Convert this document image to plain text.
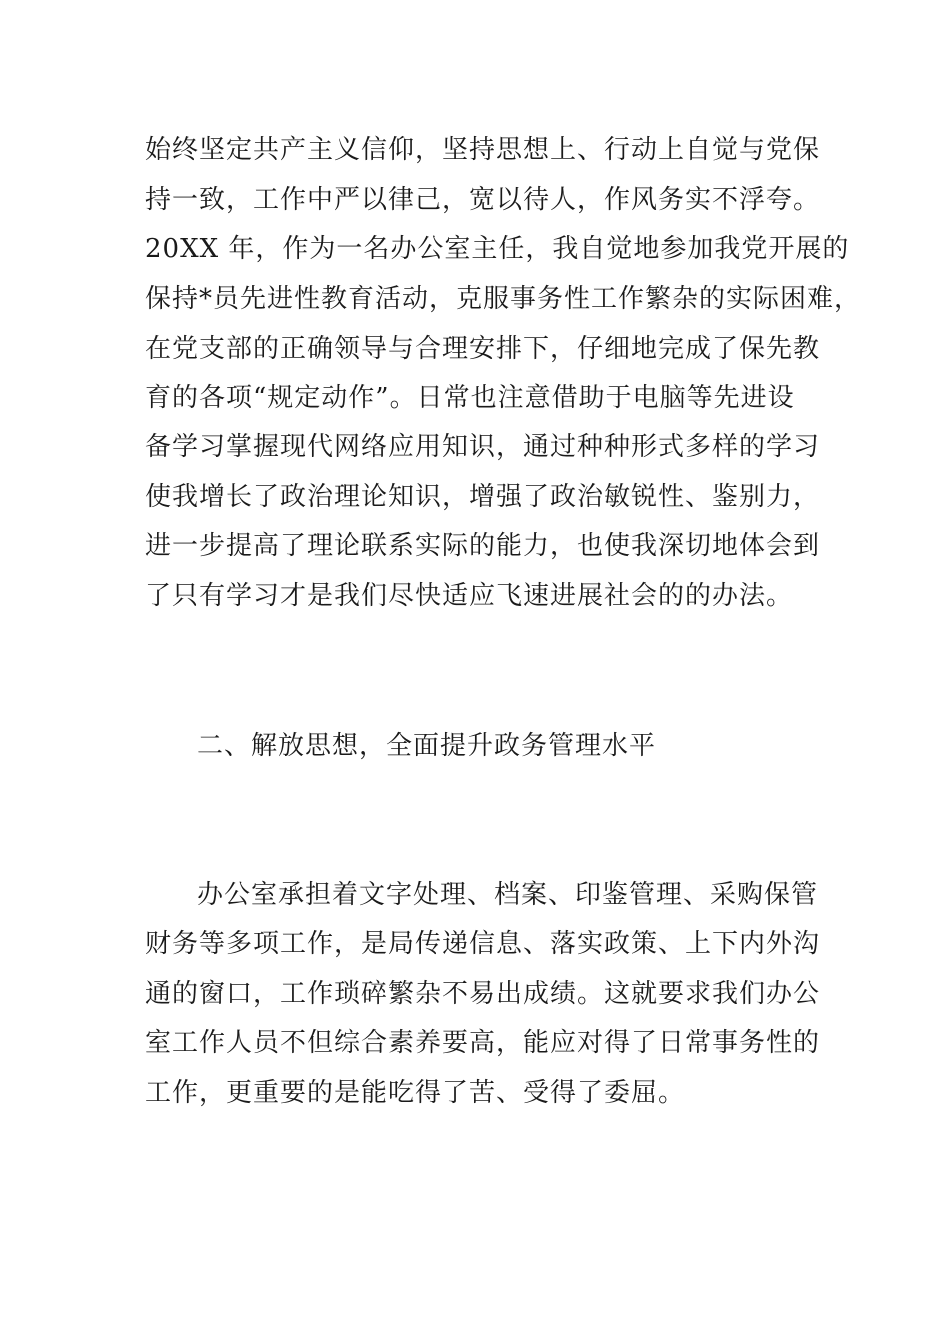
始终坚定共产主义信仰，坚持思想上、行动上自觉与党保
持一致，工作中严以律己，宽以待人，作风务实不浮夸。
20XX 年，作为一名办公室主任，我自觉地参加我党开展的
保持*员先进性教育活动，克服事务性工作繁杂的实际困难，
在党支部的正确领导与合理安排下，仔细地完成了保先教
育的各项“规定动作”。日常也注意借助于电脑等先进设
备学习掌握现代网络应用知识，通过种种形式多样的学习
使我增长了政治理论知识，增强了政治敏锐性、鉴别力，
进一步提高了理论联系实际的能力，也使我深切地体会到
了只有学习才是我们尽快适应飞速进展社会的的办法。
二、解放思想，全面提升政务管理水平
办公室承担着文字处理、档案、印鉴管理、采购保管
财务等多项工作，是局传递信息、落实政策、上下内外沟
通的窗口，工作琐碎繁杂不易出成绩。这就要求我们办公
室工作人员不但综合素养要高，能应对得了日常事务性的
工作，更重要的是能吃得了苦、受得了委屈。
